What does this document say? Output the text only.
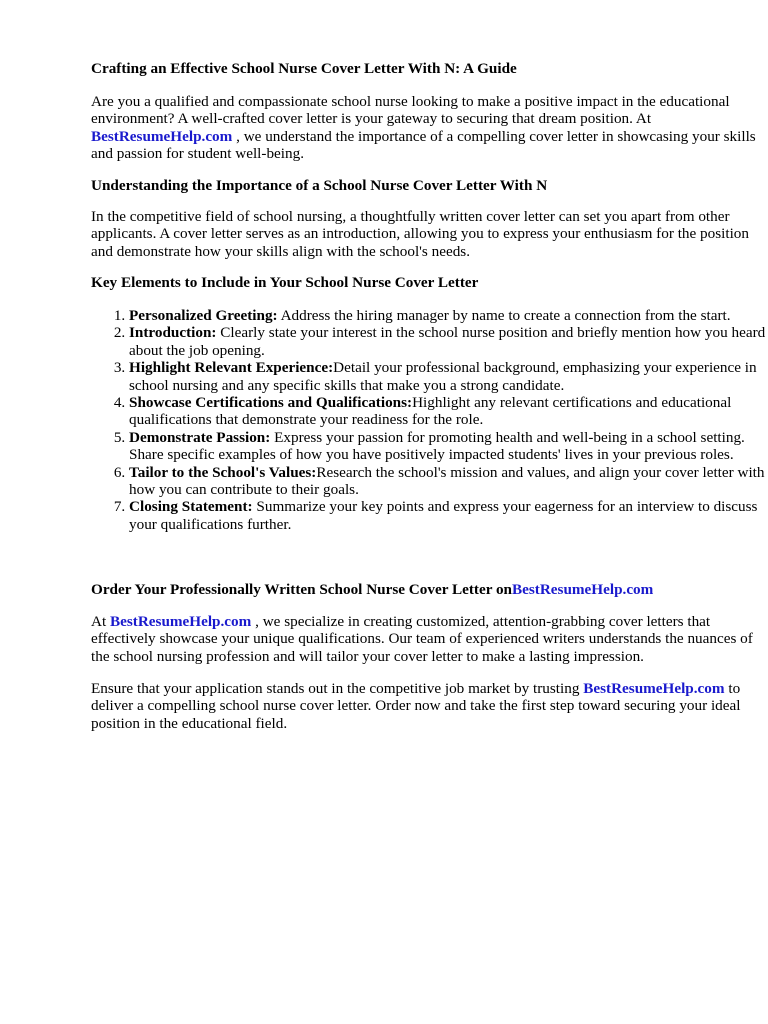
Crafting an Effective School Nurse Cover Letter With N: A Guide

Are you a qualified and compassionate school nurse looking to make a positive impact in the educational environment? A well-crafted cover letter is your gateway to securing that dream position. At BestResumeHelp.com , we understand the importance of a compelling cover letter in showcasing your skills and passion for student well-being.

Understanding the Importance of a School Nurse Cover Letter With N

In the competitive field of school nursing, a thoughtfully written cover letter can set you apart from other applicants. A cover letter serves as an introduction, allowing you to express your enthusiasm for the position and demonstrate how your skills align with the school's needs.

Key Elements to Include in Your School Nurse Cover Letter
1. Personalized Greeting: Address the hiring manager by name to create a connection from the start.
2. Introduction: Clearly state your interest in the school nurse position and briefly mention how you heard about the job opening.
3. Highlight Relevant Experience:Detail your professional background, emphasizing your experience in school nursing and any specific skills that make you a strong candidate.
4. Showcase Certifications and Qualifications:Highlight any relevant certifications and educational qualifications that demonstrate your readiness for the role.
5. Demonstrate Passion: Express your passion for promoting health and well-being in a school setting. Share specific examples of how you have positively impacted students' lives in your previous roles.
6. Tailor to the School's Values:Research the school's mission and values, and align your cover letter with how you can contribute to their goals.
7. Closing Statement: Summarize your key points and express your eagerness for an interview to discuss your qualifications further.
Order Your Professionally Written School Nurse Cover Letter onBestResumeHelp.com

At BestResumeHelp.com , we specialize in creating customized, attention-grabbing cover letters that effectively showcase your unique qualifications. Our team of experienced writers understands the nuances of the school nursing profession and will tailor your cover letter to make a lasting impression.

Ensure that your application stands out in the competitive job market by trusting BestResumeHelp.com to deliver a compelling school nurse cover letter. Order now and take the first step toward securing your ideal position in the educational field.
